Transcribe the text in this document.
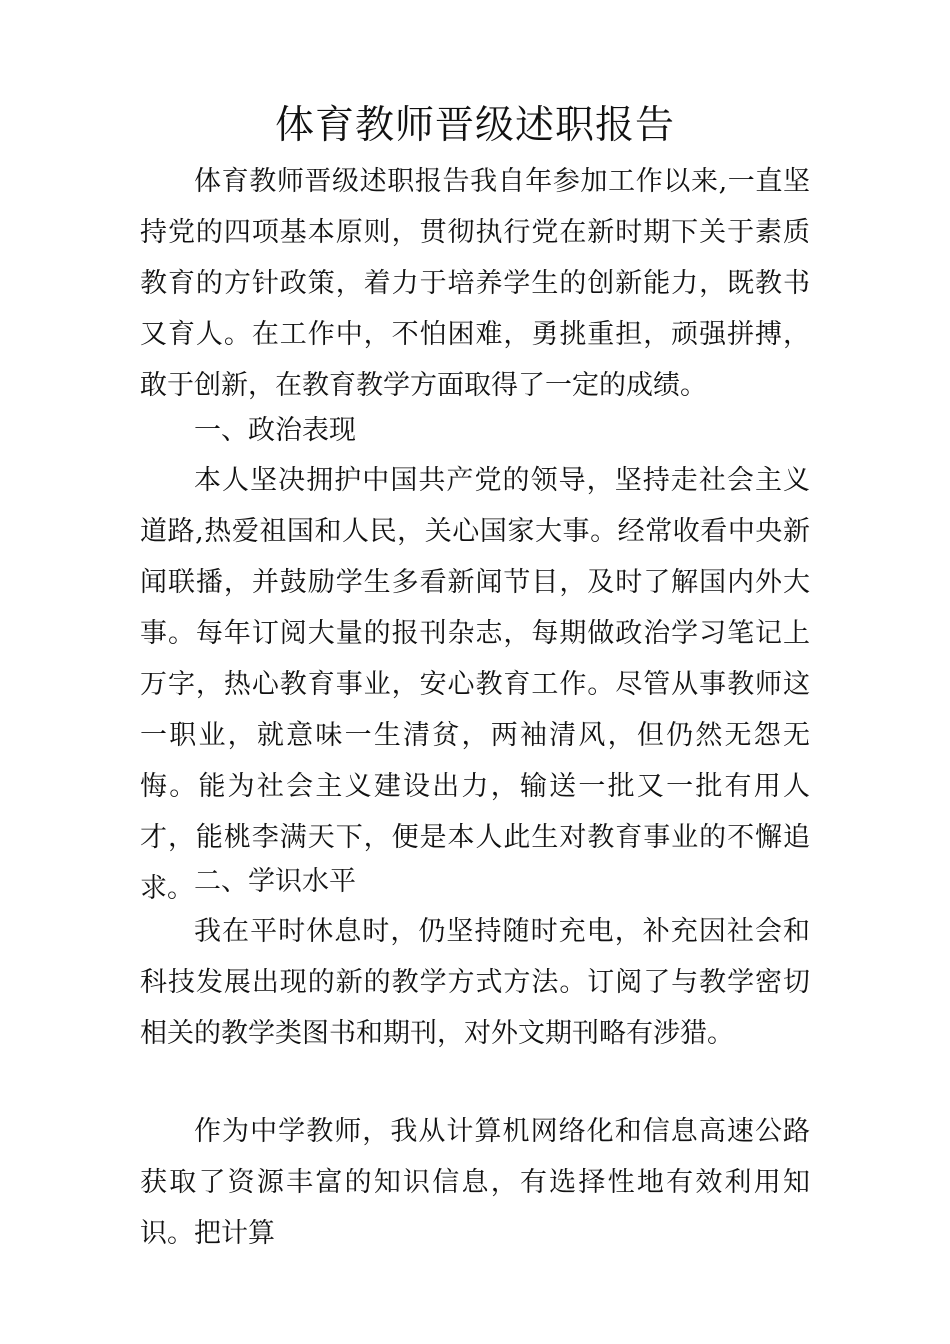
体育教师晋级述职报告

体育教师晋级述职报告我自年参加工作以来,一直坚持党的四项基本原则，贯彻执行党在新时期下关于素质教育的方针政策，着力于培养学生的创新能力，既教书又育人。在工作中，不怕困难，勇挑重担，顽强拼搏，敢于创新，在教育教学方面取得了一定的成绩。

一、政治表现

本人坚决拥护中国共产党的领导，坚持走社会主义道路,热爱祖国和人民，关心国家大事。经常收看中央新闻联播，并鼓励学生多看新闻节目，及时了解国内外大事。每年订阅大量的报刊杂志，每期做政治学习笔记上万字，热心教育事业，安心教育工作。尽管从事教师这一职业，就意味一生清贫，两袖清风，但仍然无怨无悔。能为社会主义建设出力，输送一批又一批有用人才，能桃李满天下，便是本人此生对教育事业的不懈追求。 二、学识水平

我在平时休息时，仍坚持随时充电，补充因社会和科技发展出现的新的教学方式方法。订阅了与教学密切相关的教学类图书和期刊，对外文期刊略有涉猎。

作为中学教师，我从计算机网络化和信息高速公路获取了资源丰富的知识信息，有选择性地有效利用知识。把计算
